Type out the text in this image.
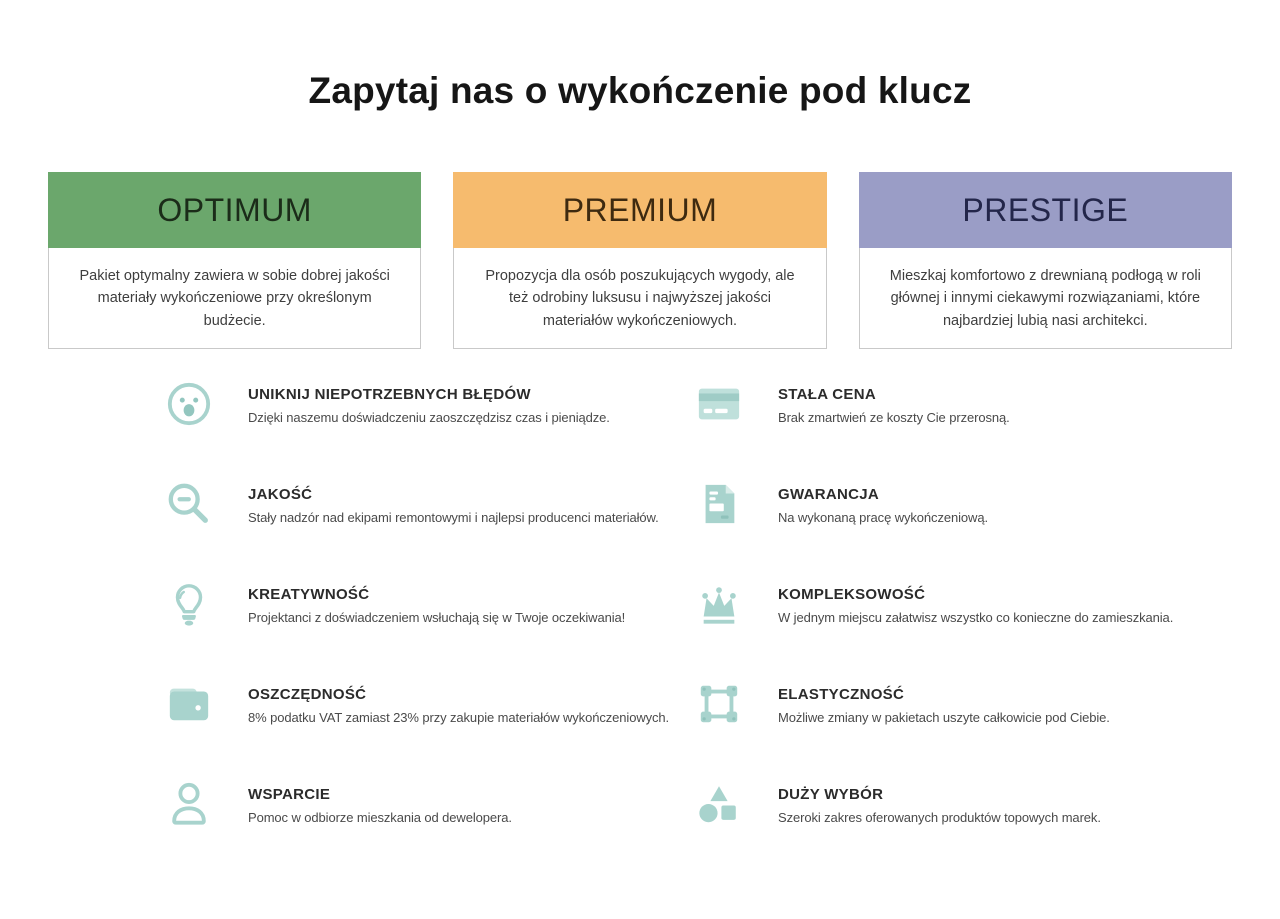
Zapytaj nas o wykończenie pod klucz
OPTIMUM
Pakiet optymalny zawiera w sobie dobrej jakości materiały wykończeniowe przy określonym budżecie.
PREMIUM
Propozycja dla osób poszukujących wygody, ale też odrobiny luksusu i najwyższej jakości materiałów wykończeniowych.
PRESTIGE
Mieszkaj komfortowo z drewnianą podłogą w roli głównej i innymi ciekawymi rozwiązaniami, które najbardziej lubią nasi architekci.
UNIKNIJ NIEPOTRZEBNYCH BŁĘDÓW
Dzięki naszemu doświadczeniu zaoszczędzisz czas i pieniądze.
JAKOŚĆ
Stały nadzór nad ekipami remontowymi i najlepsi producenci materiałów.
KREATYWNOŚĆ
Projektanci z doświadczeniem wsłuchają się w Twoje oczekiwania!
OSZCZĘDNOŚĆ
8% podatku VAT zamiast 23% przy zakupie materiałów wykończeniowych.
WSPARCIE
Pomoc w odbiorze mieszkania od dewelopera.
STAŁA CENA
Brak zmartwień ze koszty Cie przerosną.
GWARANCJA
Na wykonaną pracę wykończeniową.
KOMPLEKSOWOŚĆ
W jednym miejscu załatwisz wszystko co konieczne do zamieszkania.
ELASTYCZNOŚĆ
Możliwe zmiany w pakietach uszyte całkowicie pod Ciebie.
DUŻY WYBÓR
Szeroki zakres oferowanych produktów topowych marek.
